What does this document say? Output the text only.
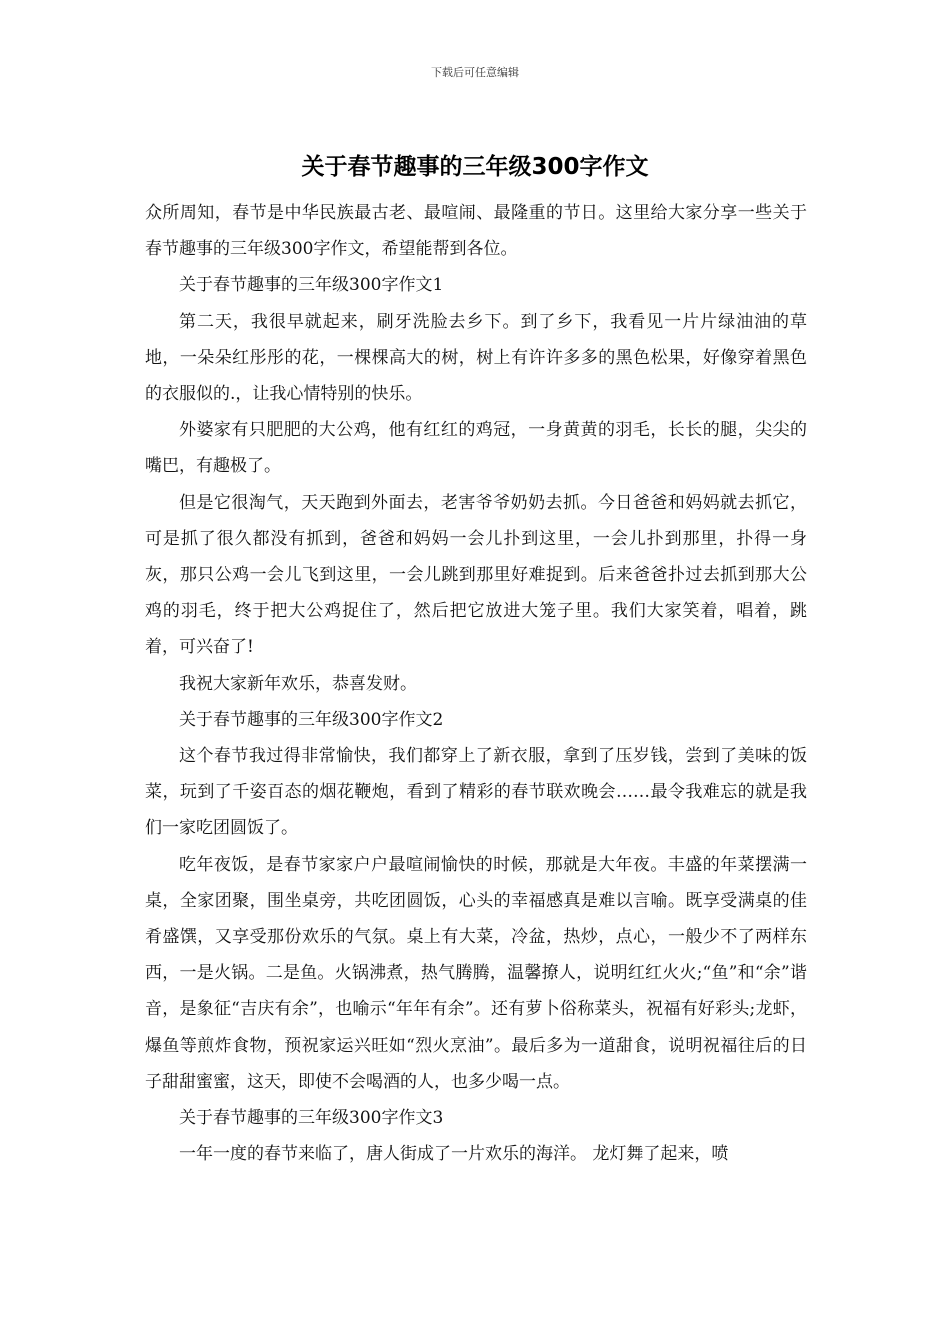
下载后可任意编辑
关于春节趣事的三年级300字作文

众所周知，春节是中华民族最古老、最喧闹、最隆重的节日。这里给大家分享一些关于春节趣事的三年级300字作文，希望能帮到各位。

关于春节趣事的三年级300字作文1

第二天，我很早就起来，刷牙洗脸去乡下。到了乡下，我看见一片片绿油油的草地，一朵朵红彤彤的花，一棵棵高大的树，树上有许许多多的黑色松果，好像穿着黑色的衣服似的.，让我心情特别的快乐。

外婆家有只肥肥的大公鸡，他有红红的鸡冠，一身黄黄的羽毛，长长的腿，尖尖的嘴巴，有趣极了。

但是它很淘气，天天跑到外面去，老害爷爷奶奶去抓。今日爸爸和妈妈就去抓它，可是抓了很久都没有抓到，爸爸和妈妈一会儿扑到这里，一会儿扑到那里，扑得一身灰，那只公鸡一会儿飞到这里，一会儿跳到那里好难捉到。后来爸爸扑过去抓到那大公鸡的羽毛，终于把大公鸡捉住了，然后把它放进大笼子里。我们大家笑着，唱着，跳着，可兴奋了!

我祝大家新年欢乐，恭喜发财。

关于春节趣事的三年级300字作文2

这个春节我过得非常愉快，我们都穿上了新衣服，拿到了压岁钱，尝到了美味的饭菜，玩到了千姿百态的烟花鞭炮，看到了精彩的春节联欢晚会……最令我难忘的就是我们一家吃团圆饭了。

吃年夜饭，是春节家家户户最喧闹愉快的时候，那就是大年夜。丰盛的年菜摆满一桌，全家团聚，围坐桌旁，共吃团圆饭，心头的幸福感真是难以言喻。既享受满桌的佳肴盛馔，又享受那份欢乐的气氛。桌上有大菜，冷盆，热炒，点心，一般少不了两样东西，一是火锅。二是鱼。火锅沸煮，热气腾腾，温馨撩人，说明红红火火;“鱼”和“余”谐音，是象征“吉庆有余”，也喻示“年年有余”。还有萝卜俗称菜头，祝福有好彩头;龙虾，爆鱼等煎炸食物，预祝家运兴旺如“烈火烹油”。最后多为一道甜食，说明祝福往后的日子甜甜蜜蜜，这天，即使不会喝酒的人，也多少喝一点。

关于春节趣事的三年级300字作文3

一年一度的春节来临了，唐人街成了一片欢乐的海洋。 龙灯舞了起来，喷
